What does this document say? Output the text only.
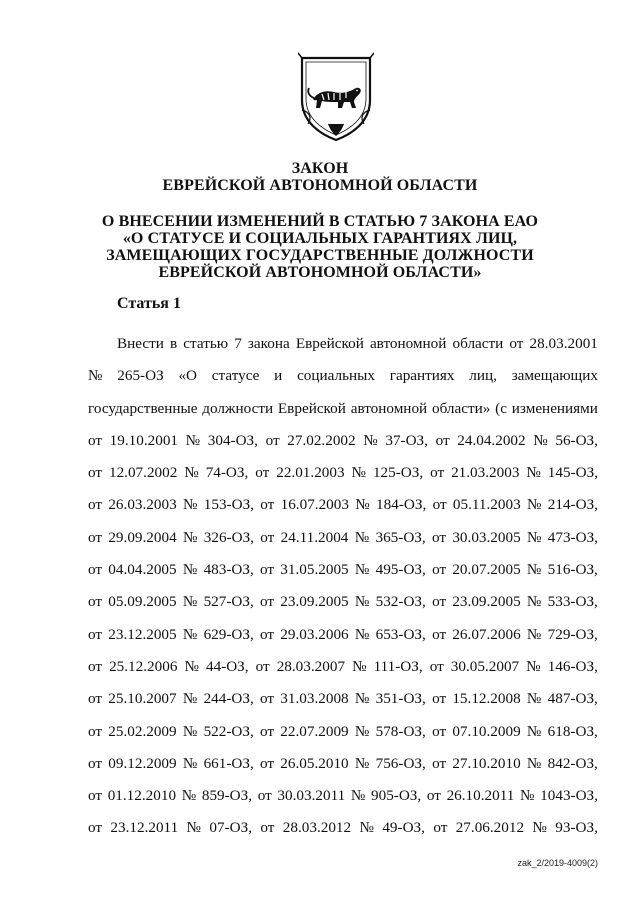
ЗАКОН
ЕВРЕЙСКОЙ АВТОНОМНОЙ ОБЛАСТИ
О ВНЕСЕНИИ ИЗМЕНЕНИЙ В СТАТЬЮ 7 ЗАКОНА ЕАО
«О СТАТУСЕ И СОЦИАЛЬНЫХ ГАРАНТИЯХ ЛИЦ,
ЗАМЕЩАЮЩИХ ГОСУДАРСТВЕННЫЕ ДОЛЖНОСТИ
ЕВРЕЙСКОЙ АВТОНОМНОЙ ОБЛАСТИ»
Статья 1
Внести в статью 7 закона Еврейской автономной области от 28.03.2001
№ 265-ОЗ «О статусе и социальных гарантиях лиц, замещающих
государственные должности Еврейской автономной области» (с изменениями
от 19.10.2001 № 304-ОЗ, от 27.02.2002 № 37-ОЗ, от 24.04.2002 № 56-ОЗ,
от 12.07.2002 № 74-ОЗ, от 22.01.2003 № 125-ОЗ, от 21.03.2003 № 145-ОЗ,
от 26.03.2003 № 153-ОЗ, от 16.07.2003 № 184-ОЗ, от 05.11.2003 № 214-ОЗ,
от 29.09.2004 № 326-ОЗ, от 24.11.2004 № 365-ОЗ, от 30.03.2005 № 473-ОЗ,
от 04.04.2005 № 483-ОЗ, от 31.05.2005 № 495-ОЗ, от 20.07.2005 № 516-ОЗ,
от 05.09.2005 № 527-ОЗ, от 23.09.2005 № 532-ОЗ, от 23.09.2005 № 533-ОЗ,
от 23.12.2005 № 629-ОЗ, от 29.03.2006 № 653-ОЗ, от 26.07.2006 № 729-ОЗ,
от 25.12.2006 № 44-ОЗ, от 28.03.2007 № 111-ОЗ, от 30.05.2007 № 146-ОЗ,
от 25.10.2007 № 244-ОЗ, от 31.03.2008 № 351-ОЗ, от 15.12.2008 № 487-ОЗ,
от 25.02.2009 № 522-ОЗ, от 22.07.2009 № 578-ОЗ, от 07.10.2009 № 618-ОЗ,
от 09.12.2009 № 661-ОЗ, от 26.05.2010 № 756-ОЗ, от 27.10.2010 № 842-ОЗ,
от 01.12.2010 № 859-ОЗ, от 30.03.2011 № 905-ОЗ, от 26.10.2011 № 1043-ОЗ,
от 23.12.2011 № 07-ОЗ, от 28.03.2012 № 49-ОЗ, от 27.06.2012 № 93-ОЗ,
zak_2/2019-4009(2)
